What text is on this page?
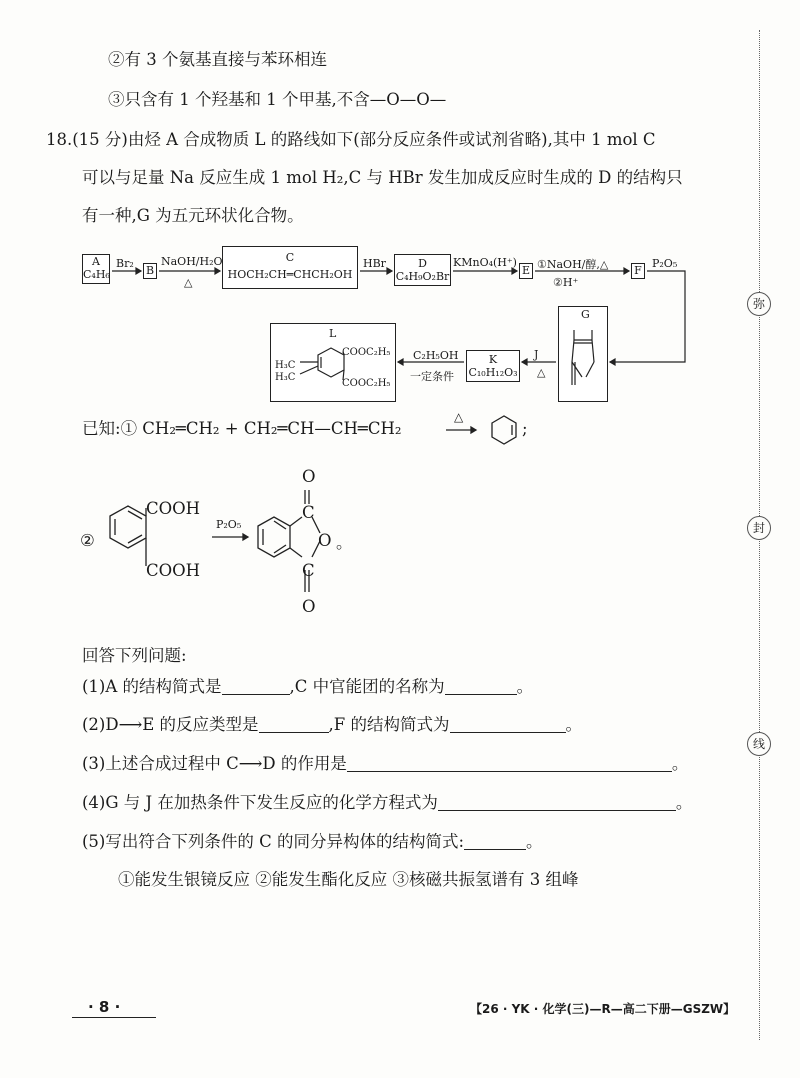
②有 3 个氨基直接与苯环相连
③只含有 1 个羟基和 1 个甲基,不含—O—O—
18.(15 分)由烃 A 合成物质 L 的路线如下(部分反应条件或试剂省略),其中 1 mol C
可以与足量 Na 反应生成 1 mol H₂,C 与 HBr 发生加成反应时生成的 D 的结构只
有一种,G 为五元环状化合物。
A
C₄H₆	B
C
HOCH₂CH═CHCH₂OH
D
C₄H₉O₂Br	E	F
Br₂ NaOH/H₂O
△
HBr	KMnO₄(H⁺) ①NaOH/醇,△
②H⁺
P₂O₅
G
K
C₁₀H₁₂O₃
L
H₃C
H₃C
COOC₂H₅
COOC₂H₅
J
△
C₂H₅OH
一定条件
已知:① CH₂═CH₂ + CH₂═CH—CH═CH₂
△
;
②
COOH
COOH
P₂O₅
O
C
O
C
O
。
回答下列问题:
(1)A 的结构简式是	,C 中官能团的名称为	。
(2)D⟶E 的反应类型是	,F 的结构简式为	。
(3)上述合成过程中 C⟶D 的作用是	。
(4)G 与 J 在加热条件下发生反应的化学方程式为	。
(5)写出符合下列条件的 C 的同分异构体的结构简式:	。
①能发生银镜反应 ②能发生酯化反应 ③核磁共振氢谱有 3 组峰
弥
封
线
· 8 ·	【26 · YK · 化学(三)—R—高二下册—GSZW】
